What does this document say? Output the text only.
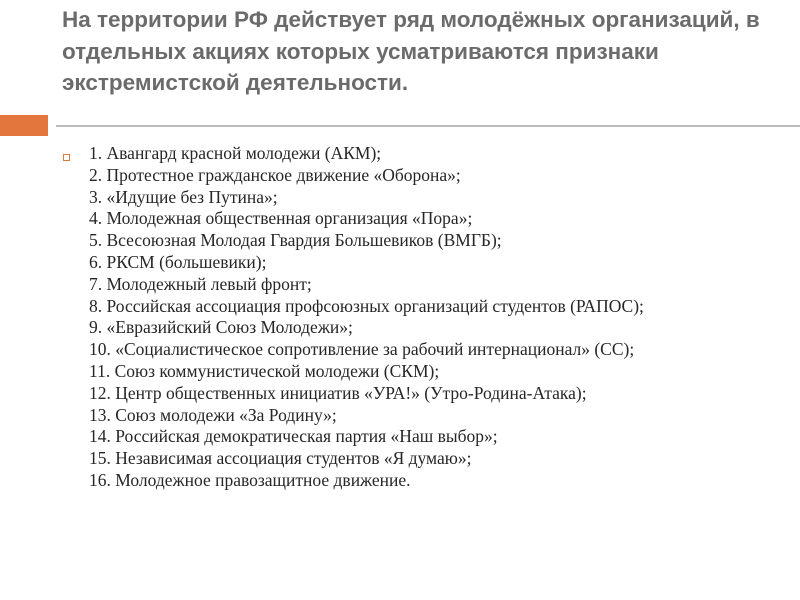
На территории РФ действует ряд молодёжных организаций, в отдельных акциях которых усматриваются признаки экстремистской деятельности.
1. Авангард красной молодежи (АКМ);
2. Протестное гражданское движение «Оборона»;
3. «Идущие без Путина»;
4. Молодежная общественная организация «Пора»;
5. Всесоюзная Молодая Гвардия Большевиков (ВМГБ);
6. РКСМ (большевики);
7. Молодежный левый фронт;
8. Российская ассоциация профсоюзных организаций студентов (РАПОС);
9. «Евразийский Союз Молодежи»;
10. «Социалистическое сопротивление за рабочий интернационал» (СС);
11. Союз коммунистической молодежи (СКМ);
12. Центр общественных инициатив «УРА!» (Утро-Родина-Атака);
13. Союз молодежи «За Родину»;
14. Российская демократическая партия «Наш выбор»;
15. Независимая ассоциация студентов «Я думаю»;
16. Молодежное правозащитное движение.
